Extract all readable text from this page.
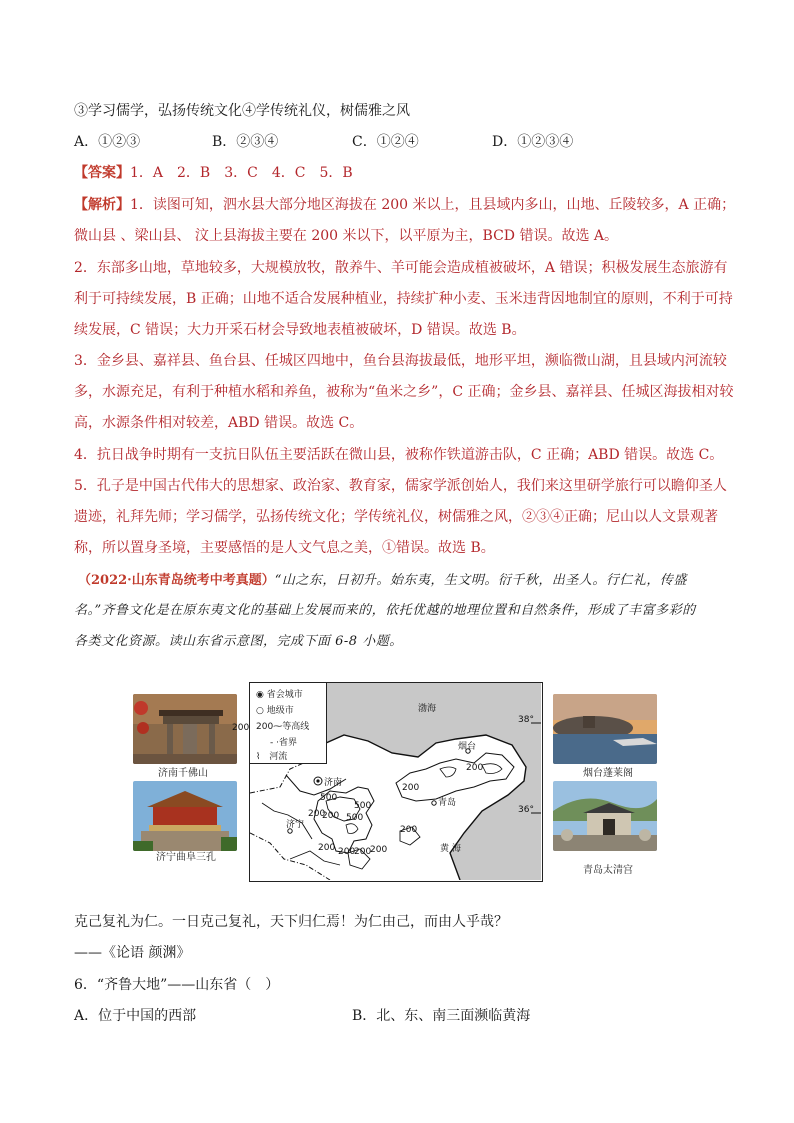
③学习儒学，弘扬传统文化④学传统礼仪，树儒雅之风
A．①②③	B．②③④	C．①②④	D．①②③④
【答案】1．A　2．B　3．C　4．C　5．B
【解析】1．读图可知，泗水县大部分地区海拔在 200 米以上，且县域内多山，山地、丘陵较多，A 正确；
微山县 、梁山县、 汶上县海拔主要在 200 米以下，以平原为主，BCD 错误。故选 A。
2．东部多山地，草地较多，大规模放牧，散养牛、羊可能会造成植被破坏，A 错误；积极发展生态旅游有
利于可持续发展，B 正确；山地不适合发展种植业，持续扩种小麦、玉米违背因地制宜的原则，不利于可持
续发展，C 错误；大力开采石材会导致地表植被破坏，D 错误。故选 B。
3．金乡县、嘉祥县、鱼台县、任城区四地中，鱼台县海拔最低，地形平坦，濒临微山湖，且县域内河流较
多，水源充足，有利于种植水稻和养鱼，被称为“鱼米之乡”，C 正确；金乡县、嘉祥县、任城区海拔相对较
高，水源条件相对较差，ABD 错误。故选 C。
4．抗日战争时期有一支抗日队伍主要活跃在微山县，被称作铁道游击队，C 正确；ABD 错误。故选 C。
5．孔子是中国古代伟大的思想家、政治家、教育家，儒家学派创始人，我们来这里研学旅行可以瞻仰圣人
遗迹，礼拜先师；学习儒学，弘扬传统文化；学传统礼仪，树儒雅之风，②③④正确；尼山以人文景观著
称，所以置身圣境，主要感悟的是人文气息之美，①错误。故选 B。
（2022·山东青岛统考中考真题）“山之东，日初升。始东夷，生文明。衍千秋，出圣人。行仁礼，传盛
名。”齐鲁文化是在原东夷文化的基础上发展而来的，依托优越的地理位置和自然条件，形成了丰富多彩的
各类文化资源。读山东省示意图，完成下面 6-8 小题。
济南千佛山
济宁曲阜三孔
烟台蓬莱阁
青岛太清宫
◉ 省会城市
○ 地级市
200⁓等高线
- ·省界
⌇　 河流
渤海
黄 海
烟台
济南
青岛
济宁
38°
36°
200
200
200
500
500
200 500
200
200
200 200
200 200
克己复礼为仁。一日克己复礼，天下归仁焉！为仁由己，而由人乎哉？
——《论语 颜渊》
6．“齐鲁大地”——山东省（　）
A．位于中国的西部	B．北、东、南三面濒临黄海
